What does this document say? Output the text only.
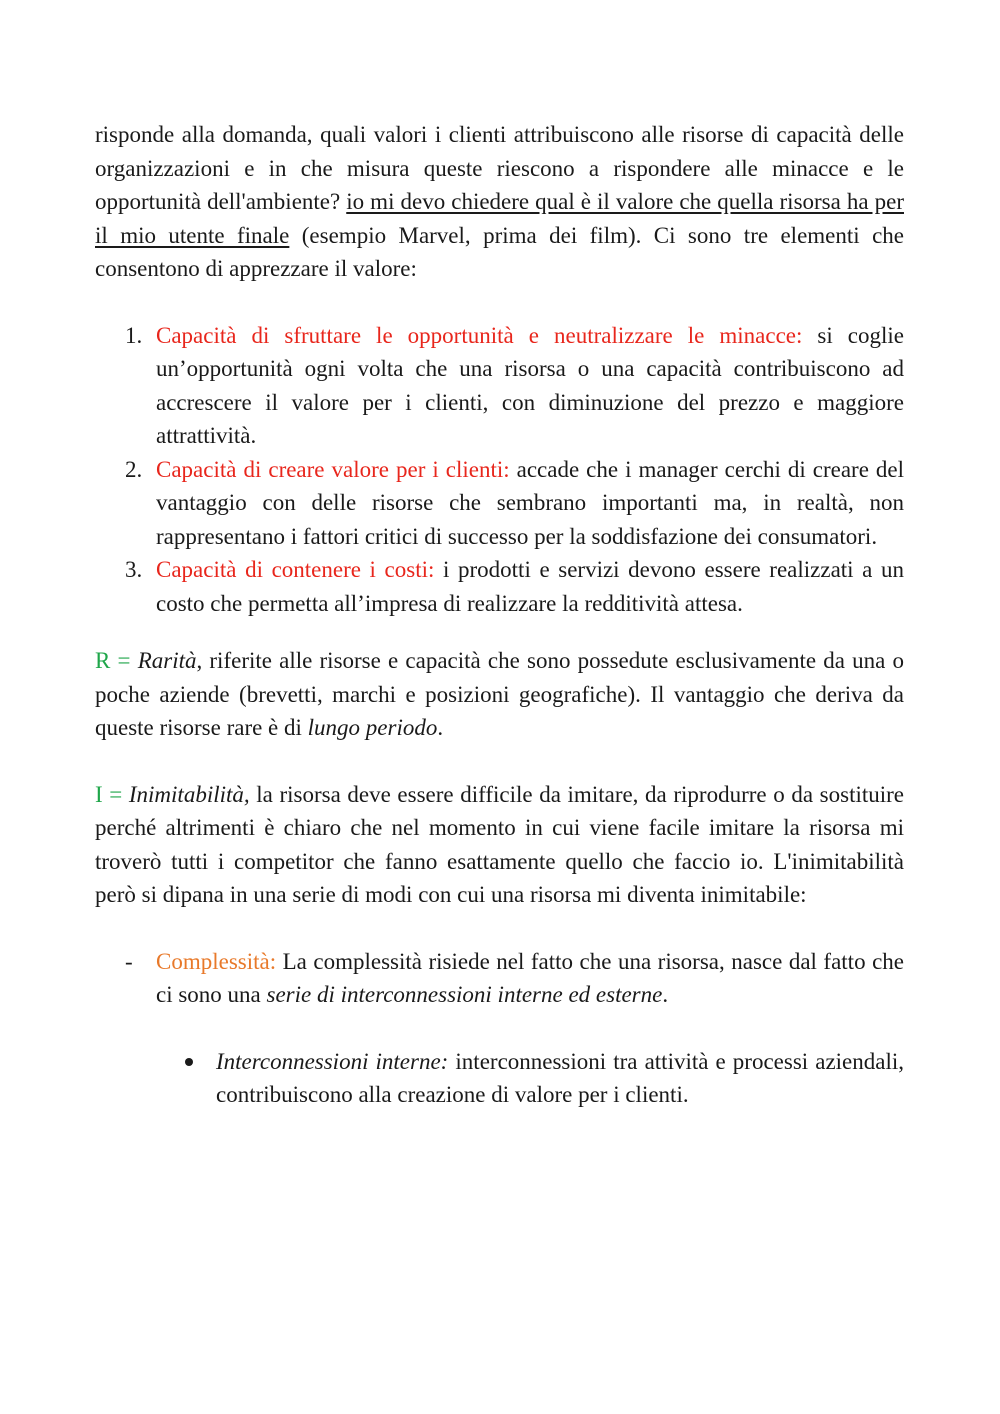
risponde alla domanda, quali valori i clienti attribuiscono alle risorse di capacità delle organizzazioni e in che misura queste riescono a rispondere alle minacce e le opportunità dell'ambiente? io mi devo chiedere qual è il valore che quella risorsa ha per il mio utente finale (esempio Marvel, prima dei film). Ci sono tre elementi che consentono di apprezzare il valore:

1. Capacità di sfruttare le opportunità e neutralizzare le minacce: si coglie un’opportunità ogni volta che una risorsa o una capacità contribuiscono ad accrescere il valore per i clienti, con diminuzione del prezzo e maggiore attrattività.
2. Capacità di creare valore per i clienti: accade che i manager cerchi di creare del vantaggio con delle risorse che sembrano importanti ma, in realtà, non rappresentano i fattori critici di successo per la soddisfazione dei consumatori.
3. Capacità di contenere i costi: i prodotti e servizi devono essere realizzati a un costo che permetta all’impresa di realizzare la redditività attesa.

R = Rarità, riferite alle risorse e capacità che sono possedute esclusivamente da una o poche aziende (brevetti, marchi e posizioni geografiche). Il vantaggio che deriva da queste risorse rare è di lungo periodo.

I = Inimitabilità, la risorsa deve essere difficile da imitare, da riprodurre o da sostituire perché altrimenti è chiaro che nel momento in cui viene facile imitare la risorsa mi troverò tutti i competitor che fanno esattamente quello che faccio io. L'inimitabilità però si dipana in una serie di modi con cui una risorsa mi diventa inimitabile:

- Complessità: La complessità risiede nel fatto che una risorsa, nasce dal fatto che ci sono una serie di interconnessioni interne ed esterne.
Interconnessioni interne: interconnessioni tra attività e processi aziendali, contribuiscono alla creazione di valore per i clienti.
